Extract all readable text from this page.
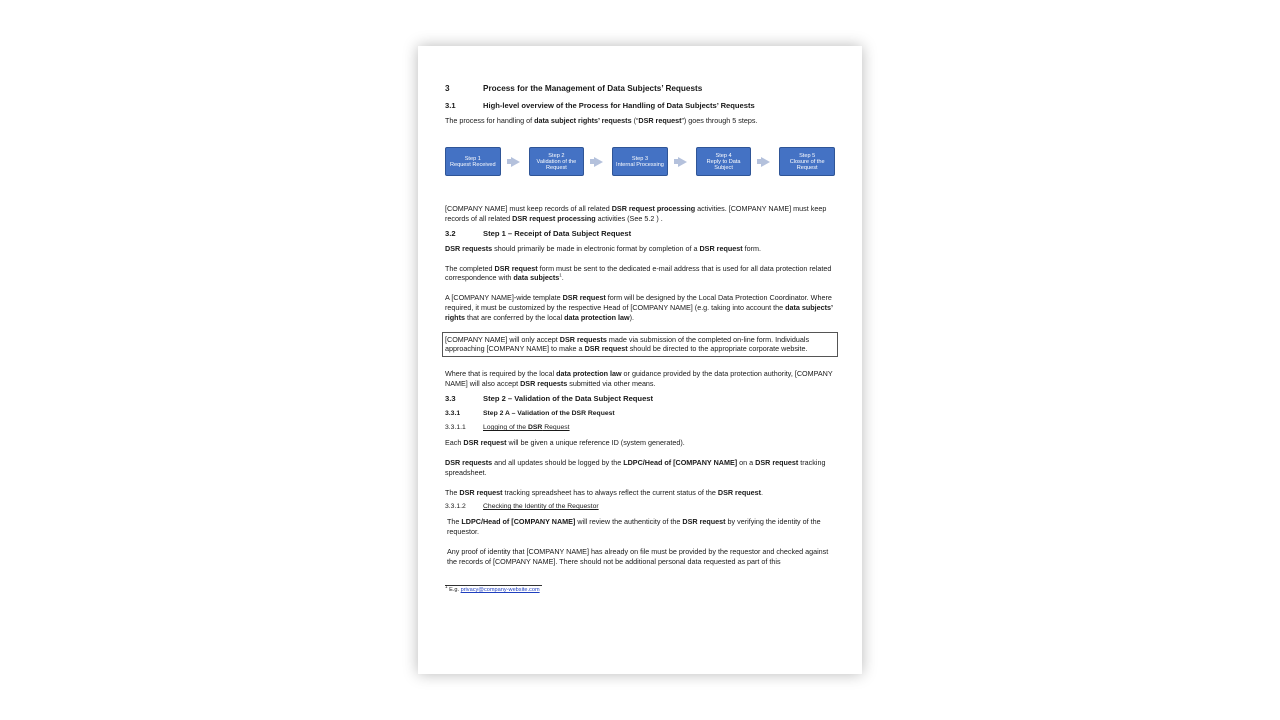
3	Process for the Management of Data Subjects’ Requests
3.1	High-level overview of the Process for Handling of Data Subjects’ Requests

The process for handling of data subject rights’ requests (“DSR request”) goes through 5 steps.

Step 1
Request Received
Step 2
Validation of the Request
Step 3
Internal Processing
Step 4
Reply to Data Subject
Step 5
Closure of the Request

[COMPANY NAME] must keep records of all related DSR request processing activities. [COMPANY NAME] must keep records of all related DSR request processing activities (See 5.2 ) .

3.2	Step 1 – Receipt of Data Subject Request

DSR requests should primarily be made in electronic format by completion of a DSR request form.

The completed DSR request form must be sent to the dedicated e-mail address that is used for all data protection related correspondence with data subjects$^1$.

A [COMPANY NAME]-wide template DSR request form will be designed by the Local Data Protection Coordinator. Where required, it must be customized by the respective Head of [COMPANY NAME] (e.g. taking into account the data subjects’ rights that are conferred by the local data protection law).

[COMPANY NAME] will only accept DSR requests made via submission of the completed on-line form. Individuals approaching [COMPANY NAME] to make a DSR request should be directed to the appropriate corporate website.

Where that is required by the local data protection law or guidance provided by the data protection authority, [COMPANY NAME] will also accept DSR requests submitted via other means.

3.3	Step 2 – Validation of the Data Subject Request
3.3.1	Step 2 A – Validation of the DSR Request
3.3.1.1	Logging of the DSR Request

Each DSR request will be given a unique reference ID (system generated).

DSR requests and all updates should be logged by the LDPC/Head of [COMPANY NAME] on a DSR request tracking spreadsheet.

The DSR request tracking spreadsheet has to always reflect the current status of the DSR request.

3.3.1.2	Checking the Identity of the Requestor

The LDPC/Head of [COMPANY NAME] will review the authenticity of the DSR request by verifying the identity of the requestor.

Any proof of identity that [COMPANY NAME] has already on file must be provided by the requestor and checked against the records of [COMPANY NAME]. There should not be additional personal data requested as part of this

$^1$ E.g. privacy@company-website.com
